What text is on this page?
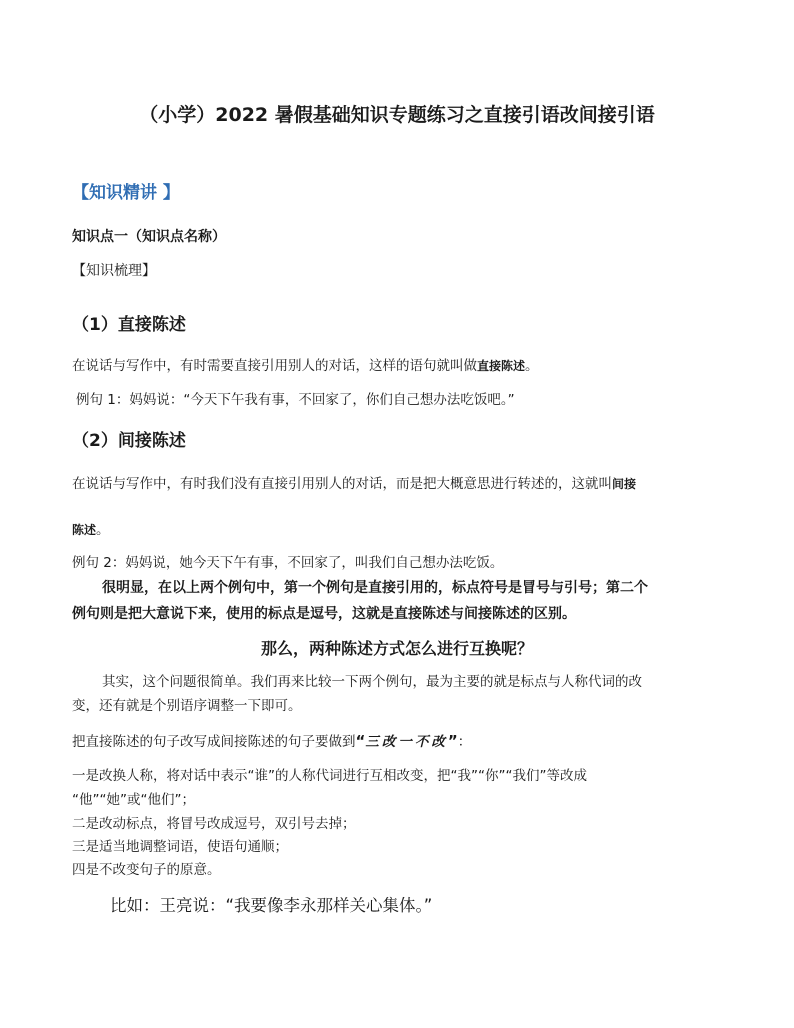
（小学）2022 暑假基础知识专题练习之直接引语改间接引语
【知识精讲 】
知识点一（知识点名称）
【知识梳理】
（1）直接陈述
在说话与写作中，有时需要直接引用别人的对话，这样的语句就叫做直接陈述。
例句 1：妈妈说：“今天下午我有事，不回家了，你们自己想办法吃饭吧。”
（2）间接陈述
在说话与写作中，有时我们没有直接引用别人的对话，而是把大概意思进行转述的，这就叫间接
陈述。
例句 2：妈妈说，她今天下午有事，不回家了，叫我们自己想办法吃饭。
很明显，在以上两个例句中，第一个例句是直接引用的，标点符号是冒号与引号；第二个
例句则是把大意说下来，使用的标点是逗号，这就是直接陈述与间接陈述的区别。
那么，两种陈述方式怎么进行互换呢？
其实，这个问题很简单。我们再来比较一下两个例句，最为主要的就是标点与人称代词的改
变，还有就是个别语序调整一下即可。
把直接陈述的句子改写成间接陈述的句子要做到“三改一不改”：
一是改换人称，将对话中表示“谁”的人称代词进行互相改变，把“我”“你”“我们”等改成
“他”“她”或“他们”；
二是改动标点，将冒号改成逗号，双引号去掉；
三是适当地调整词语，使语句通顺；
四是不改变句子的原意。
比如：王亮说：“我要像李永那样关心集体。”
